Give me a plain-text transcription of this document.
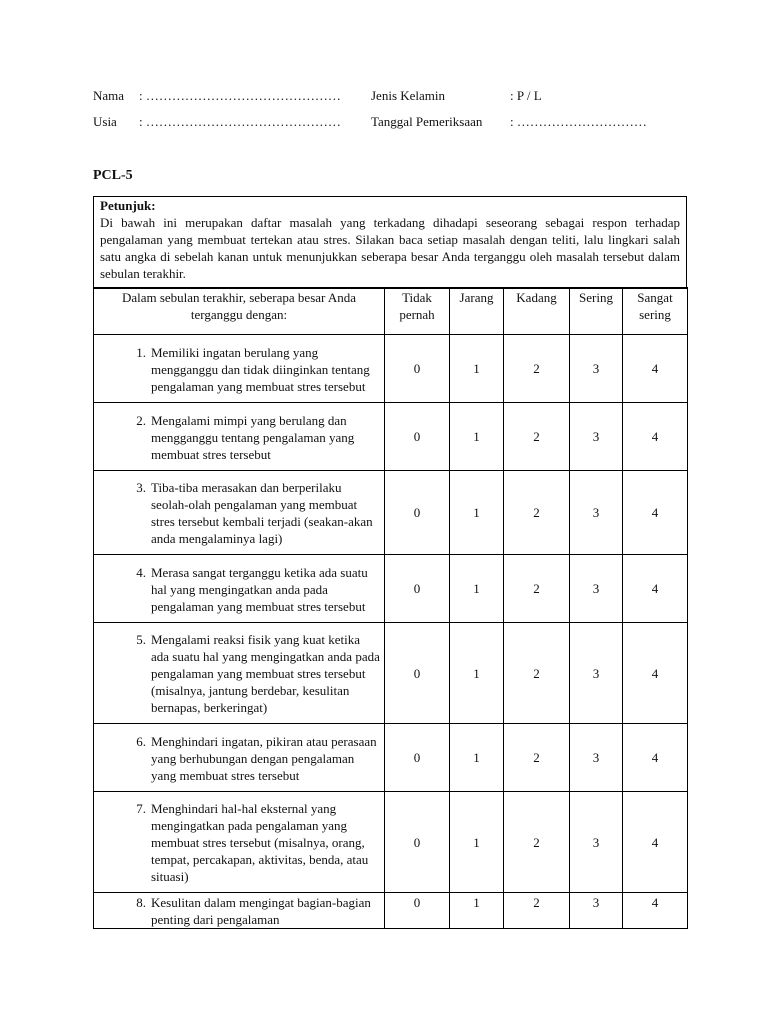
Nama : ……………………………………… Jenis Kelamin	: P / L
Usia : ……………………………………… Tanggal Pemeriksaan : …………………………
PCL-5
Petunjuk:
Di bawah ini merupakan daftar masalah yang terkadang dihadapi seseorang sebagai respon terhadap pengalaman yang membuat tertekan atau stres. Silakan baca setiap masalah dengan teliti, lalu lingkari salah satu angka di sebelah kanan untuk menunjukkan seberapa besar Anda terganggu oleh masalah tersebut dalam sebulan terakhir.
Dalam sebulan terakhir, seberapa besar Anda terganggu dengan:	Tidak pernah	Jarang	Kadang	Sering	Sangat sering

1. Memiliki ingatan berulang yang mengganggu dan tidak diinginkan tentang pengalaman yang membuat stres tersebut	0	1	2	3	4

2. Mengalami mimpi yang berulang dan mengganggu tentang pengalaman yang membuat stres tersebut	0	1	2	3	4

3. Tiba-tiba merasakan dan berperilaku seolah-olah pengalaman yang membuat stres tersebut kembali terjadi (seakan-akan anda mengalaminya lagi)	0	1	2	3	4

4. Merasa sangat terganggu ketika ada suatu hal yang mengingatkan anda pada pengalaman yang membuat stres tersebut	0	1	2	3	4

5. Mengalami reaksi fisik yang kuat ketika ada suatu hal yang mengingatkan anda pada pengalaman yang membuat stres tersebut (misalnya, jantung berdebar, kesulitan bernapas, berkeringat)	0	1	2	3	4

6. Menghindari ingatan, pikiran atau perasaan yang berhubungan dengan pengalaman yang membuat stres tersebut	0	1	2	3	4

7. Menghindari hal-hal eksternal yang mengingatkan pada pengalaman yang membuat stres tersebut (misalnya, orang, tempat, percakapan, aktivitas, benda, atau situasi)	0	1	2	3	4

8. Kesulitan dalam mengingat bagian-bagian penting dari pengalaman	0	1	2	3	4
